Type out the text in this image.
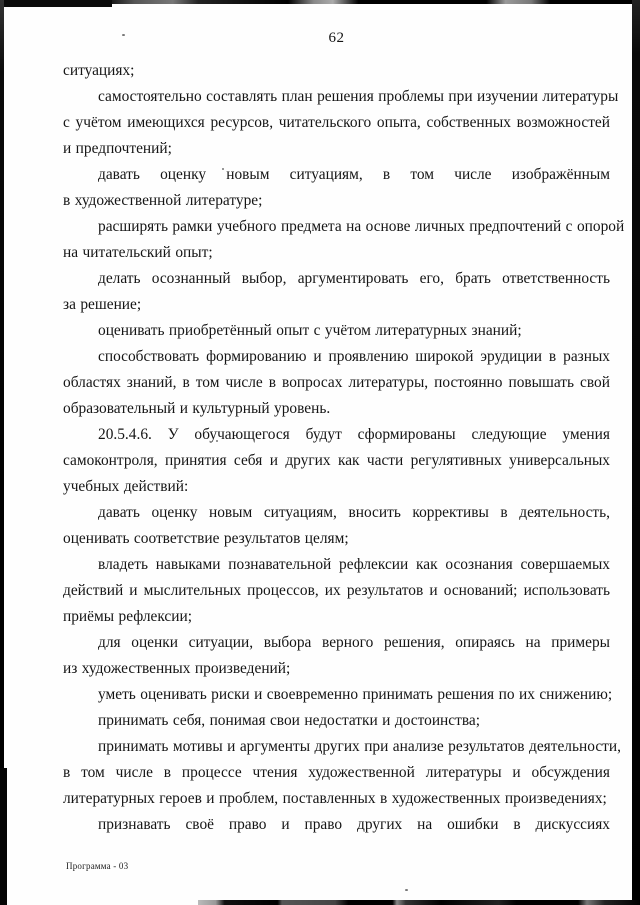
62
ситуациях;
самостоятельно составлять план решения проблемы при изучении литературы
с учётом имеющихся ресурсов, читательского опыта, собственных возможностей
и предпочтений;
давать оценку новым ситуациям, в том числе изображённым
в художественной литературе;
расширять рамки учебного предмета на основе личных предпочтений с опорой
на читательский опыт;
делать осознанный выбор, аргументировать его, брать ответственность
за решение;
оценивать приобретённый опыт с учётом литературных знаний;
способствовать формированию и проявлению широкой эрудиции в разных
областях знаний, в том числе в вопросах литературы, постоянно повышать свой
образовательный и культурный уровень.
20.5.4.6. У обучающегося будут сформированы следующие умения
самоконтроля, принятия себя и других как части регулятивных универсальных
учебных действий:
давать оценку новым ситуациям, вносить коррективы в деятельность,
оценивать соответствие результатов целям;
владеть навыками познавательной рефлексии как осознания совершаемых
действий и мыслительных процессов, их результатов и оснований; использовать
приёмы рефлексии;
для оценки ситуации, выбора верного решения, опираясь на примеры
из художественных произведений;
уметь оценивать риски и своевременно принимать решения по их снижению;
принимать себя, понимая свои недостатки и достоинства;
принимать мотивы и аргументы других при анализе результатов деятельности,
в том числе в процессе чтения художественной литературы и обсуждения
литературных героев и проблем, поставленных в художественных произведениях;
признавать своё право и право других на ошибки в дискуссиях
Программа - 03
